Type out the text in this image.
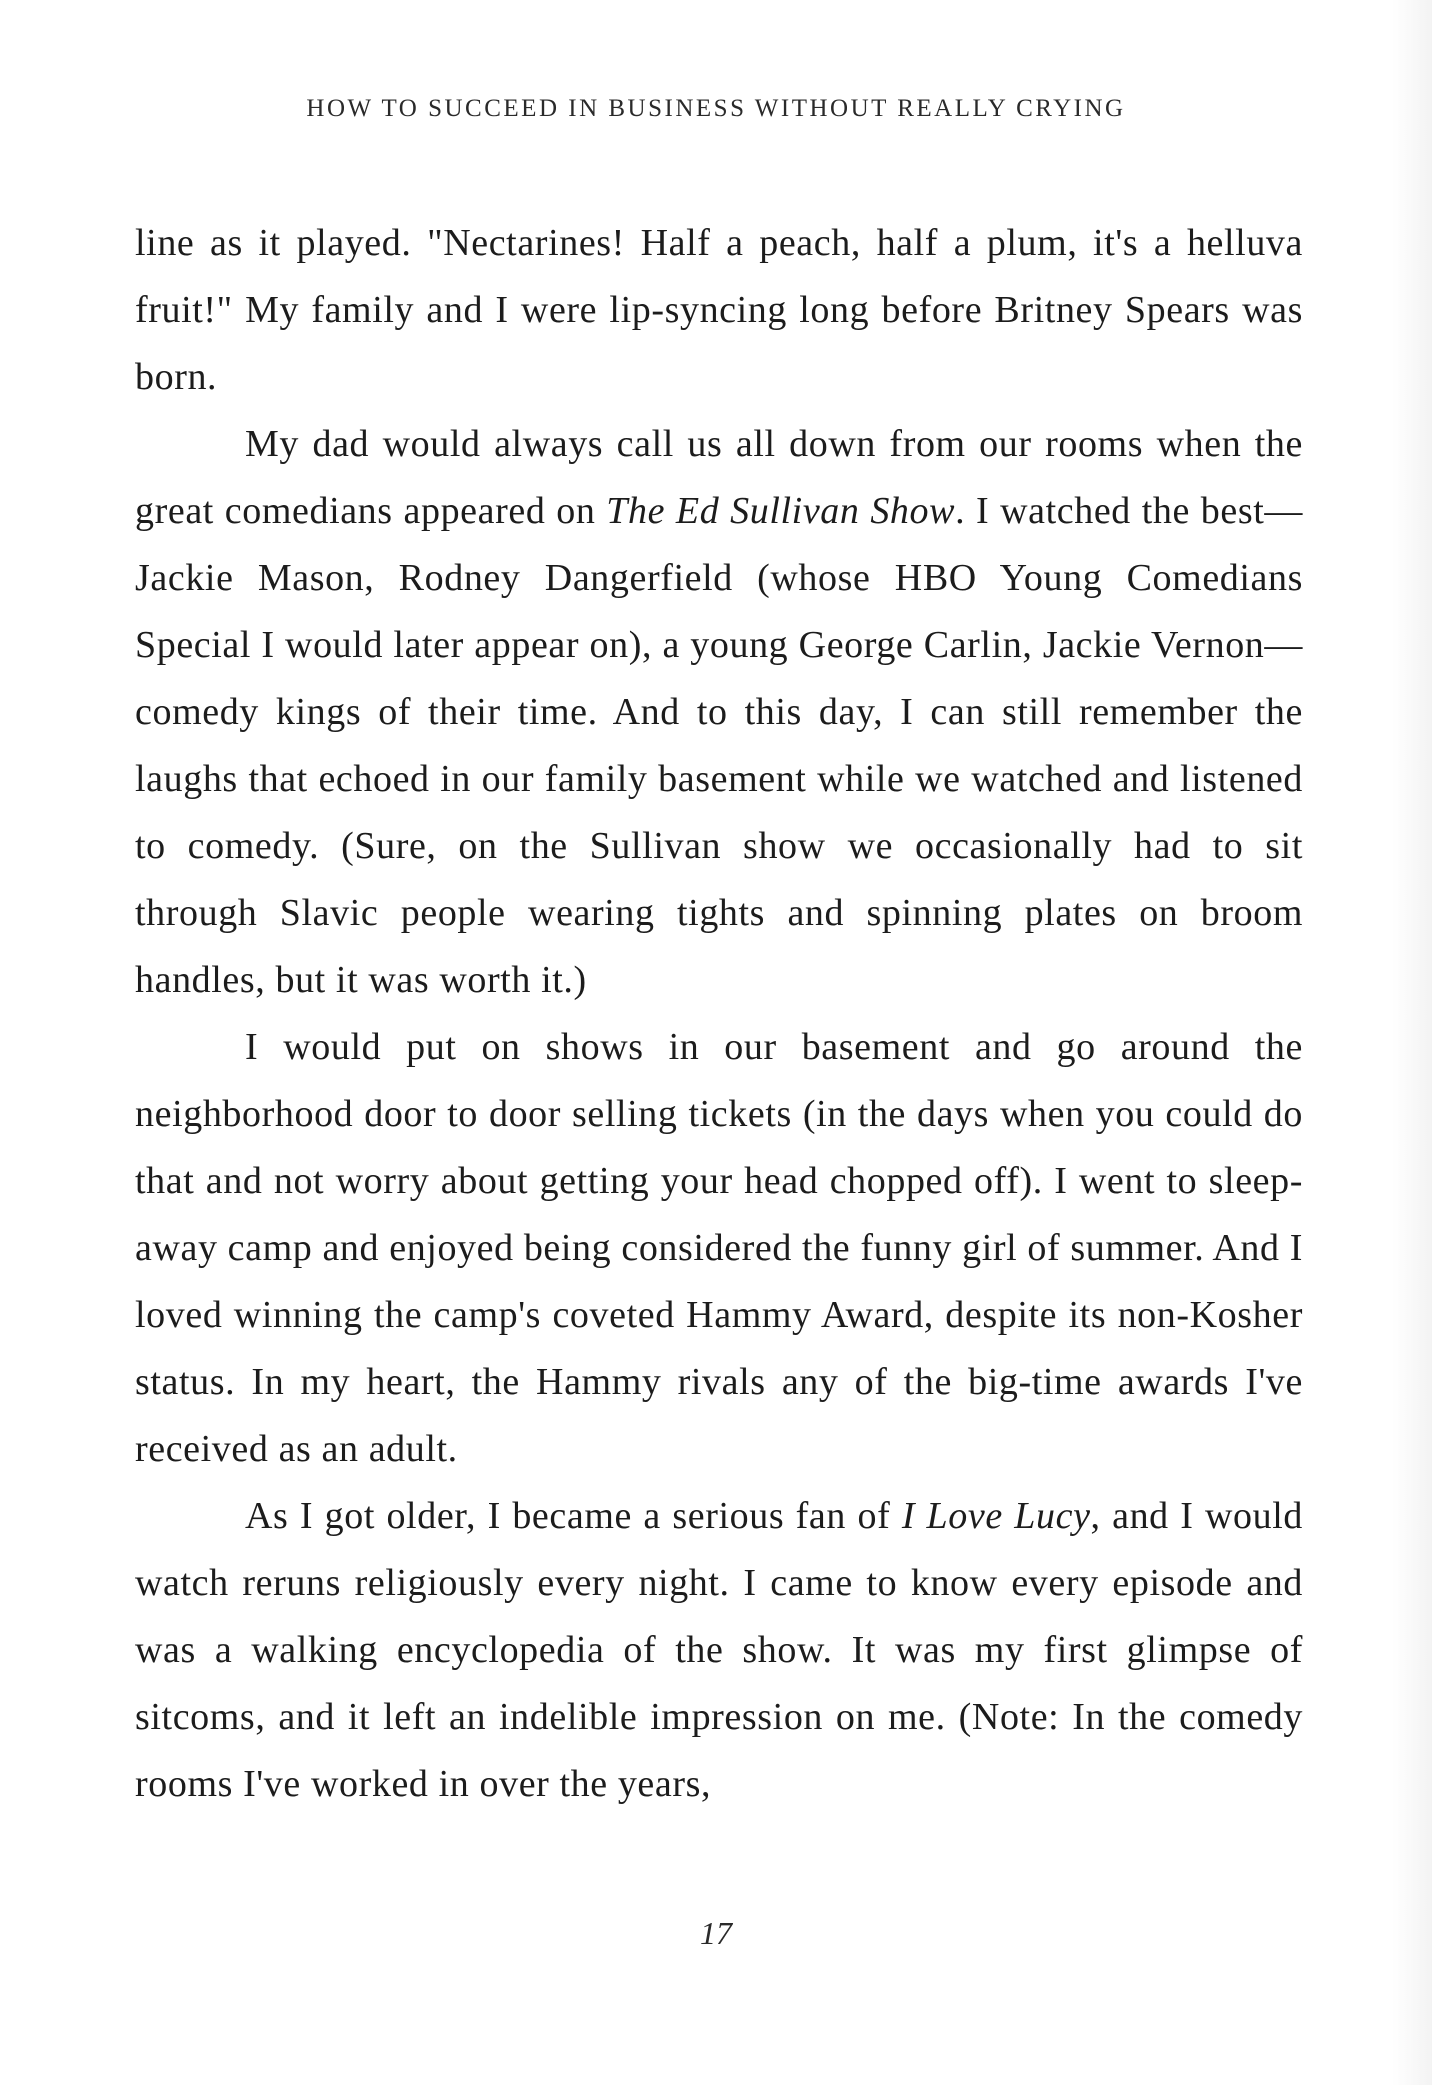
HOW TO SUCCEED IN BUSINESS WITHOUT REALLY CRYING

line as it played. "Nectarines! Half a peach, half a plum, it's a helluva fruit!" My family and I were lip-syncing long before Britney Spears was born.

My dad would always call us all down from our rooms when the great comedians appeared on The Ed Sullivan Show. I watched the best—Jackie Mason, Rodney Dangerfield (whose HBO Young Comedians Special I would later appear on), a young George Carlin, Jackie Vernon—comedy kings of their time. And to this day, I can still remember the laughs that echoed in our family basement while we watched and listened to comedy. (Sure, on the Sullivan show we occasionally had to sit through Slavic people wearing tights and spinning plates on broom handles, but it was worth it.)

I would put on shows in our basement and go around the neighborhood door to door selling tickets (in the days when you could do that and not worry about getting your head chopped off). I went to sleep-away camp and enjoyed being considered the funny girl of summer. And I loved winning the camp's coveted Hammy Award, despite its non-Kosher status. In my heart, the Hammy rivals any of the big-time awards I've received as an adult.

As I got older, I became a serious fan of I Love Lucy, and I would watch reruns religiously every night. I came to know every episode and was a walking encyclopedia of the show. It was my first glimpse of sitcoms, and it left an indelible impression on me. (Note: In the comedy rooms I've worked in over the years,

17
